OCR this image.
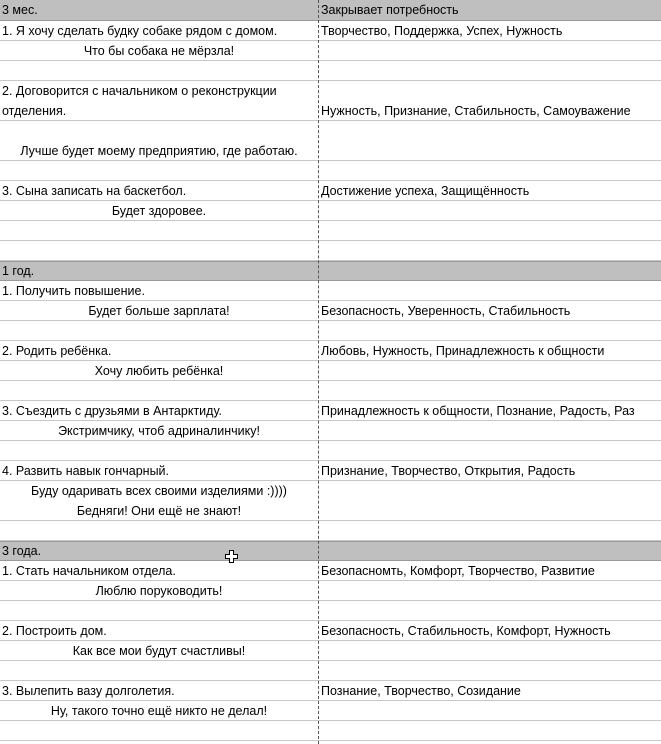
3 мес.	Закрывает потребность
1. Я хочу сделать будку собаке рядом с домом.	Творчество, Поддержка, Успех, Нужность
Что бы собака не мёрзла!
2. Договорится с начальником о реконструкции
отделения.	Нужность, Признание, Стабильность, Самоуважение
Лучше будет моему предприятию, где работаю.
3. Сына записать на баскетбол.	Достижение успеха, Защищённость
Будет здоровее.
1 год.
1. Получить повышение.
Будет больше зарплата!	Безопасность, Уверенность, Стабильность
2. Родить ребёнка.	Любовь, Нужность, Принадлежность к общности
Хочу любить ребёнка!
3. Съездить с друзьями в Антарктиду.	Принадлежность к общности, Познание, Радость, Раз
Экстримчику, чтоб адриналинчику!
4. Развить навык гончарный.	Признание, Творчество, Открытия, Радость
Буду одаривать всех своими изделиями :))))
Бедняги! Они ещё не знают!
3 года.
1. Стать начальником отдела.	Безопаснoмть, Комфорт, Творчество, Развитие
Люблю поруководить!
2. Построить дом.	Безопасность, Стабильность, Комфорт, Нужность
Как все мои будут счастливы!
3. Вылепить вазу долголетия.	Познание, Творчество, Созидание
Ну, такого точно ещё никто не делал!
